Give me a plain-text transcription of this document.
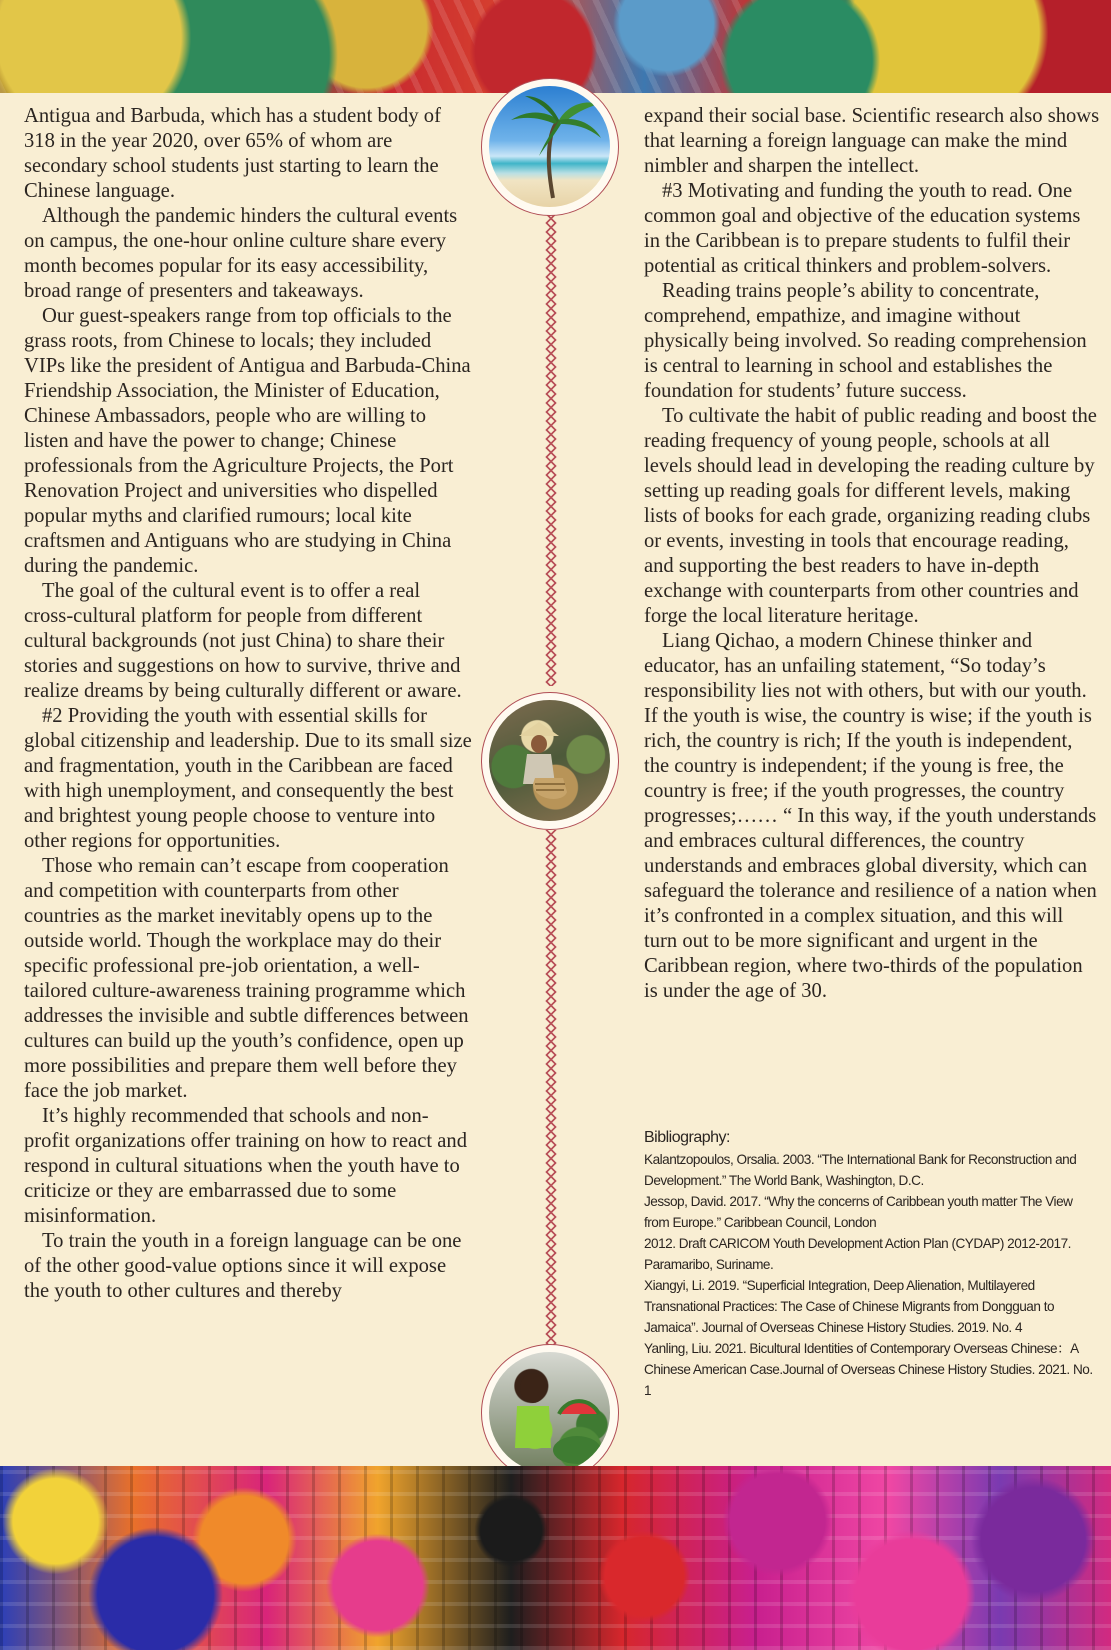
Antigua and Barbuda, which has a student body of 318 in the year 2020, over 65% of whom are secondary school students just starting to learn the Chinese language.

Although the pandemic hinders the cultural events on campus, the one-hour online culture share every month becomes popular for its easy accessibility, broad range of presenters and takeaways.

Our guest-speakers range from top officials to the grass roots, from Chinese to locals; they included VIPs like the president of Antigua and Barbuda-China Friendship Association, the Minister of Education, Chinese Ambassadors, people who are willing to listen and have the power to change; Chinese professionals from the Agriculture Projects, the Port Renovation Project and universities who dispelled popular myths and clarified rumours; local kite craftsmen and Antiguans who are studying in China during the pandemic.

The goal of the cultural event is to offer a real cross-cultural platform for people from different cultural backgrounds (not just China) to share their stories and suggestions on how to survive, thrive and realize dreams by being culturally different or aware.

#2 Providing the youth with essential skills for global citizenship and leadership. Due to its small size and fragmentation, youth in the Caribbean are faced with high unemployment, and consequently the best and brightest young people choose to venture into other regions for opportunities.

Those who remain can’t escape from cooperation and competition with counterparts from other countries as the market inevitably opens up to the outside world. Though the workplace may do their specific professional pre-job orientation, a well-tailored culture-awareness training programme which addresses the invisible and subtle differences between cultures can build up the youth’s confidence, open up more possibilities and prepare them well before they face the job market.

It’s highly recommended that schools and non-profit organizations offer training on how to react and respond in cultural situations when the youth have to criticize or they are embarrassed due to some misinformation.

To train the youth in a foreign language can be one of the other good-value options since it will expose the youth to other cultures and thereby

expand their social base. Scientific research also shows that learning a foreign language can make the mind nimbler and sharpen the intellect.

#3 Motivating and funding the youth to read. One common goal and objective of the education systems in the Caribbean is to prepare students to fulfil their potential as critical thinkers and problem-solvers.

Reading trains people’s ability to concentrate, comprehend, empathize, and imagine without physically being involved. So reading comprehension is central to learning in school and establishes the foundation for students’ future success.

To cultivate the habit of public reading and boost the reading frequency of young people, schools at all levels should lead in developing the reading culture by setting up reading goals for different levels, making lists of books for each grade, organizing reading clubs or events, investing in tools that encourage reading, and supporting the best readers to have in-depth exchange with counterparts from other countries and forge the local literature heritage.

Liang Qichao, a modern Chinese thinker and educator, has an unfailing statement, “So today’s responsibility lies not with others, but with our youth. If the youth is wise, the country is wise; if the youth is rich, the country is rich; If the youth is independent, the country is independent; if the young is free, the country is free; if the youth progresses, the country progresses;…… “ In this way, if the youth understands and embraces cultural differences, the country understands and embraces global diversity, which can safeguard the tolerance and resilience of a nation when it’s confronted in a complex situation, and this will turn out to be more significant and urgent in the Caribbean region, where two-thirds of the population is under the age of 30.

Bibliography:

Kalantzopoulos, Orsalia. 2003. “The International Bank for Reconstruction and Development.” The World Bank, Washington, D.C.

Jessop, David. 2017. “Why the concerns of Caribbean youth matter The View from Europe.” Caribbean Council, London

2012. Draft CARICOM Youth Development Action Plan (CYDAP) 2012-2017. Paramaribo, Suriname.

Xiangyi, Li. 2019. “Superficial Integration, Deep Alienation, Multilayered Transnational Practices: The Case of Chinese Migrants from Dongguan to Jamaica”. Journal of Overseas Chinese History Studies. 2019. No. 4

Yanling, Liu. 2021. Bicultural Identities of Contemporary Overseas Chinese：A Chinese American Case.Journal of Overseas Chinese History Studies. 2021. No. 1
